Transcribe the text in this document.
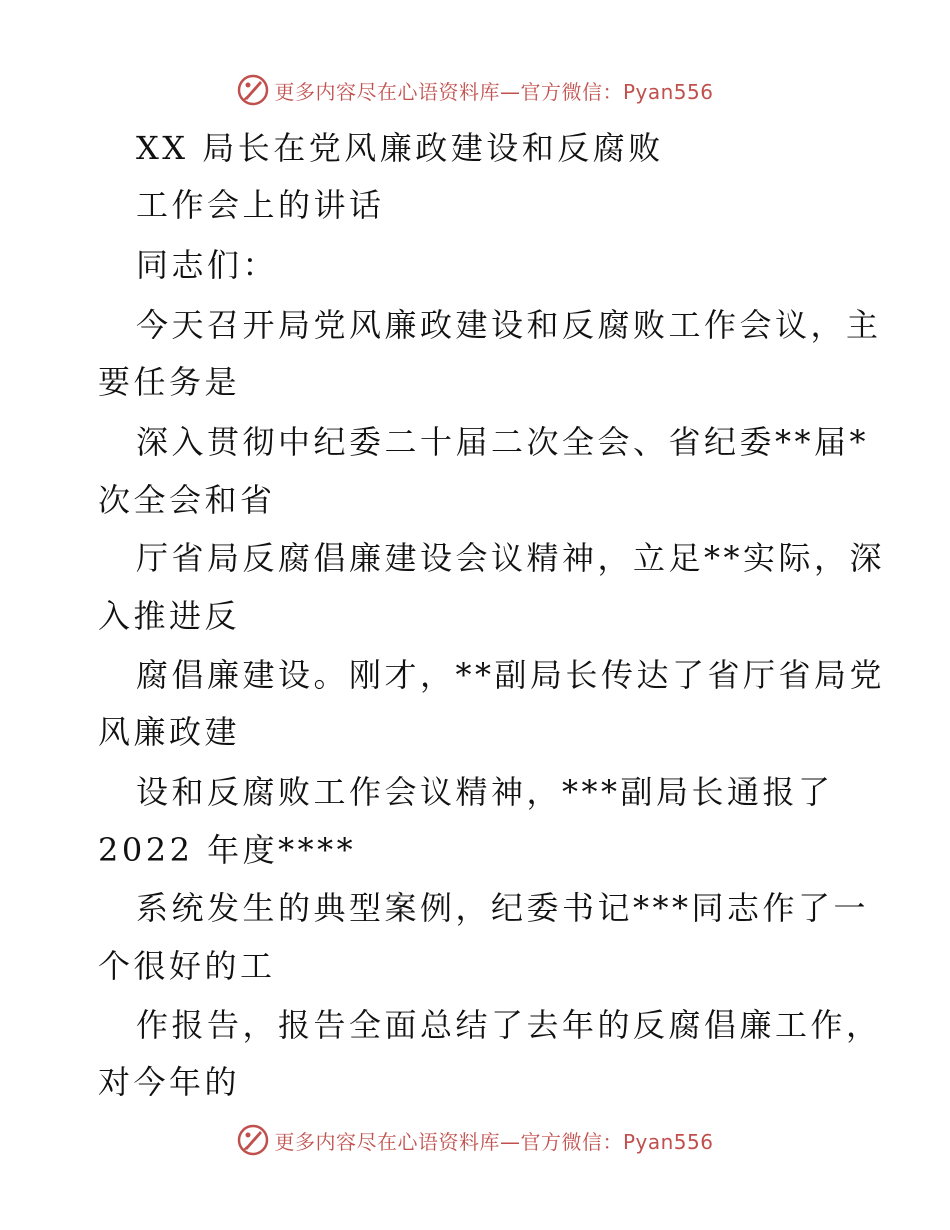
更多内容尽在心语资料库—官方微信：Pyan556
XX 局长在党风廉政建设和反腐败
工作会上的讲话
同志们：
今天召开局党风廉政建设和反腐败工作会议，主
要任务是
深入贯彻中纪委二十届二次全会、省纪委**届*
次全会和省
厅省局反腐倡廉建设会议精神，立足**实际，深
入推进反
腐倡廉建设。刚才，**副局长传达了省厅省局党
风廉政建
设和反腐败工作会议精神，***副局长通报了
2022 年度****
系统发生的典型案例，纪委书记***同志作了一
个很好的工
作报告，报告全面总结了去年的反腐倡廉工作，
对今年的
更多内容尽在心语资料库—官方微信：Pyan556
